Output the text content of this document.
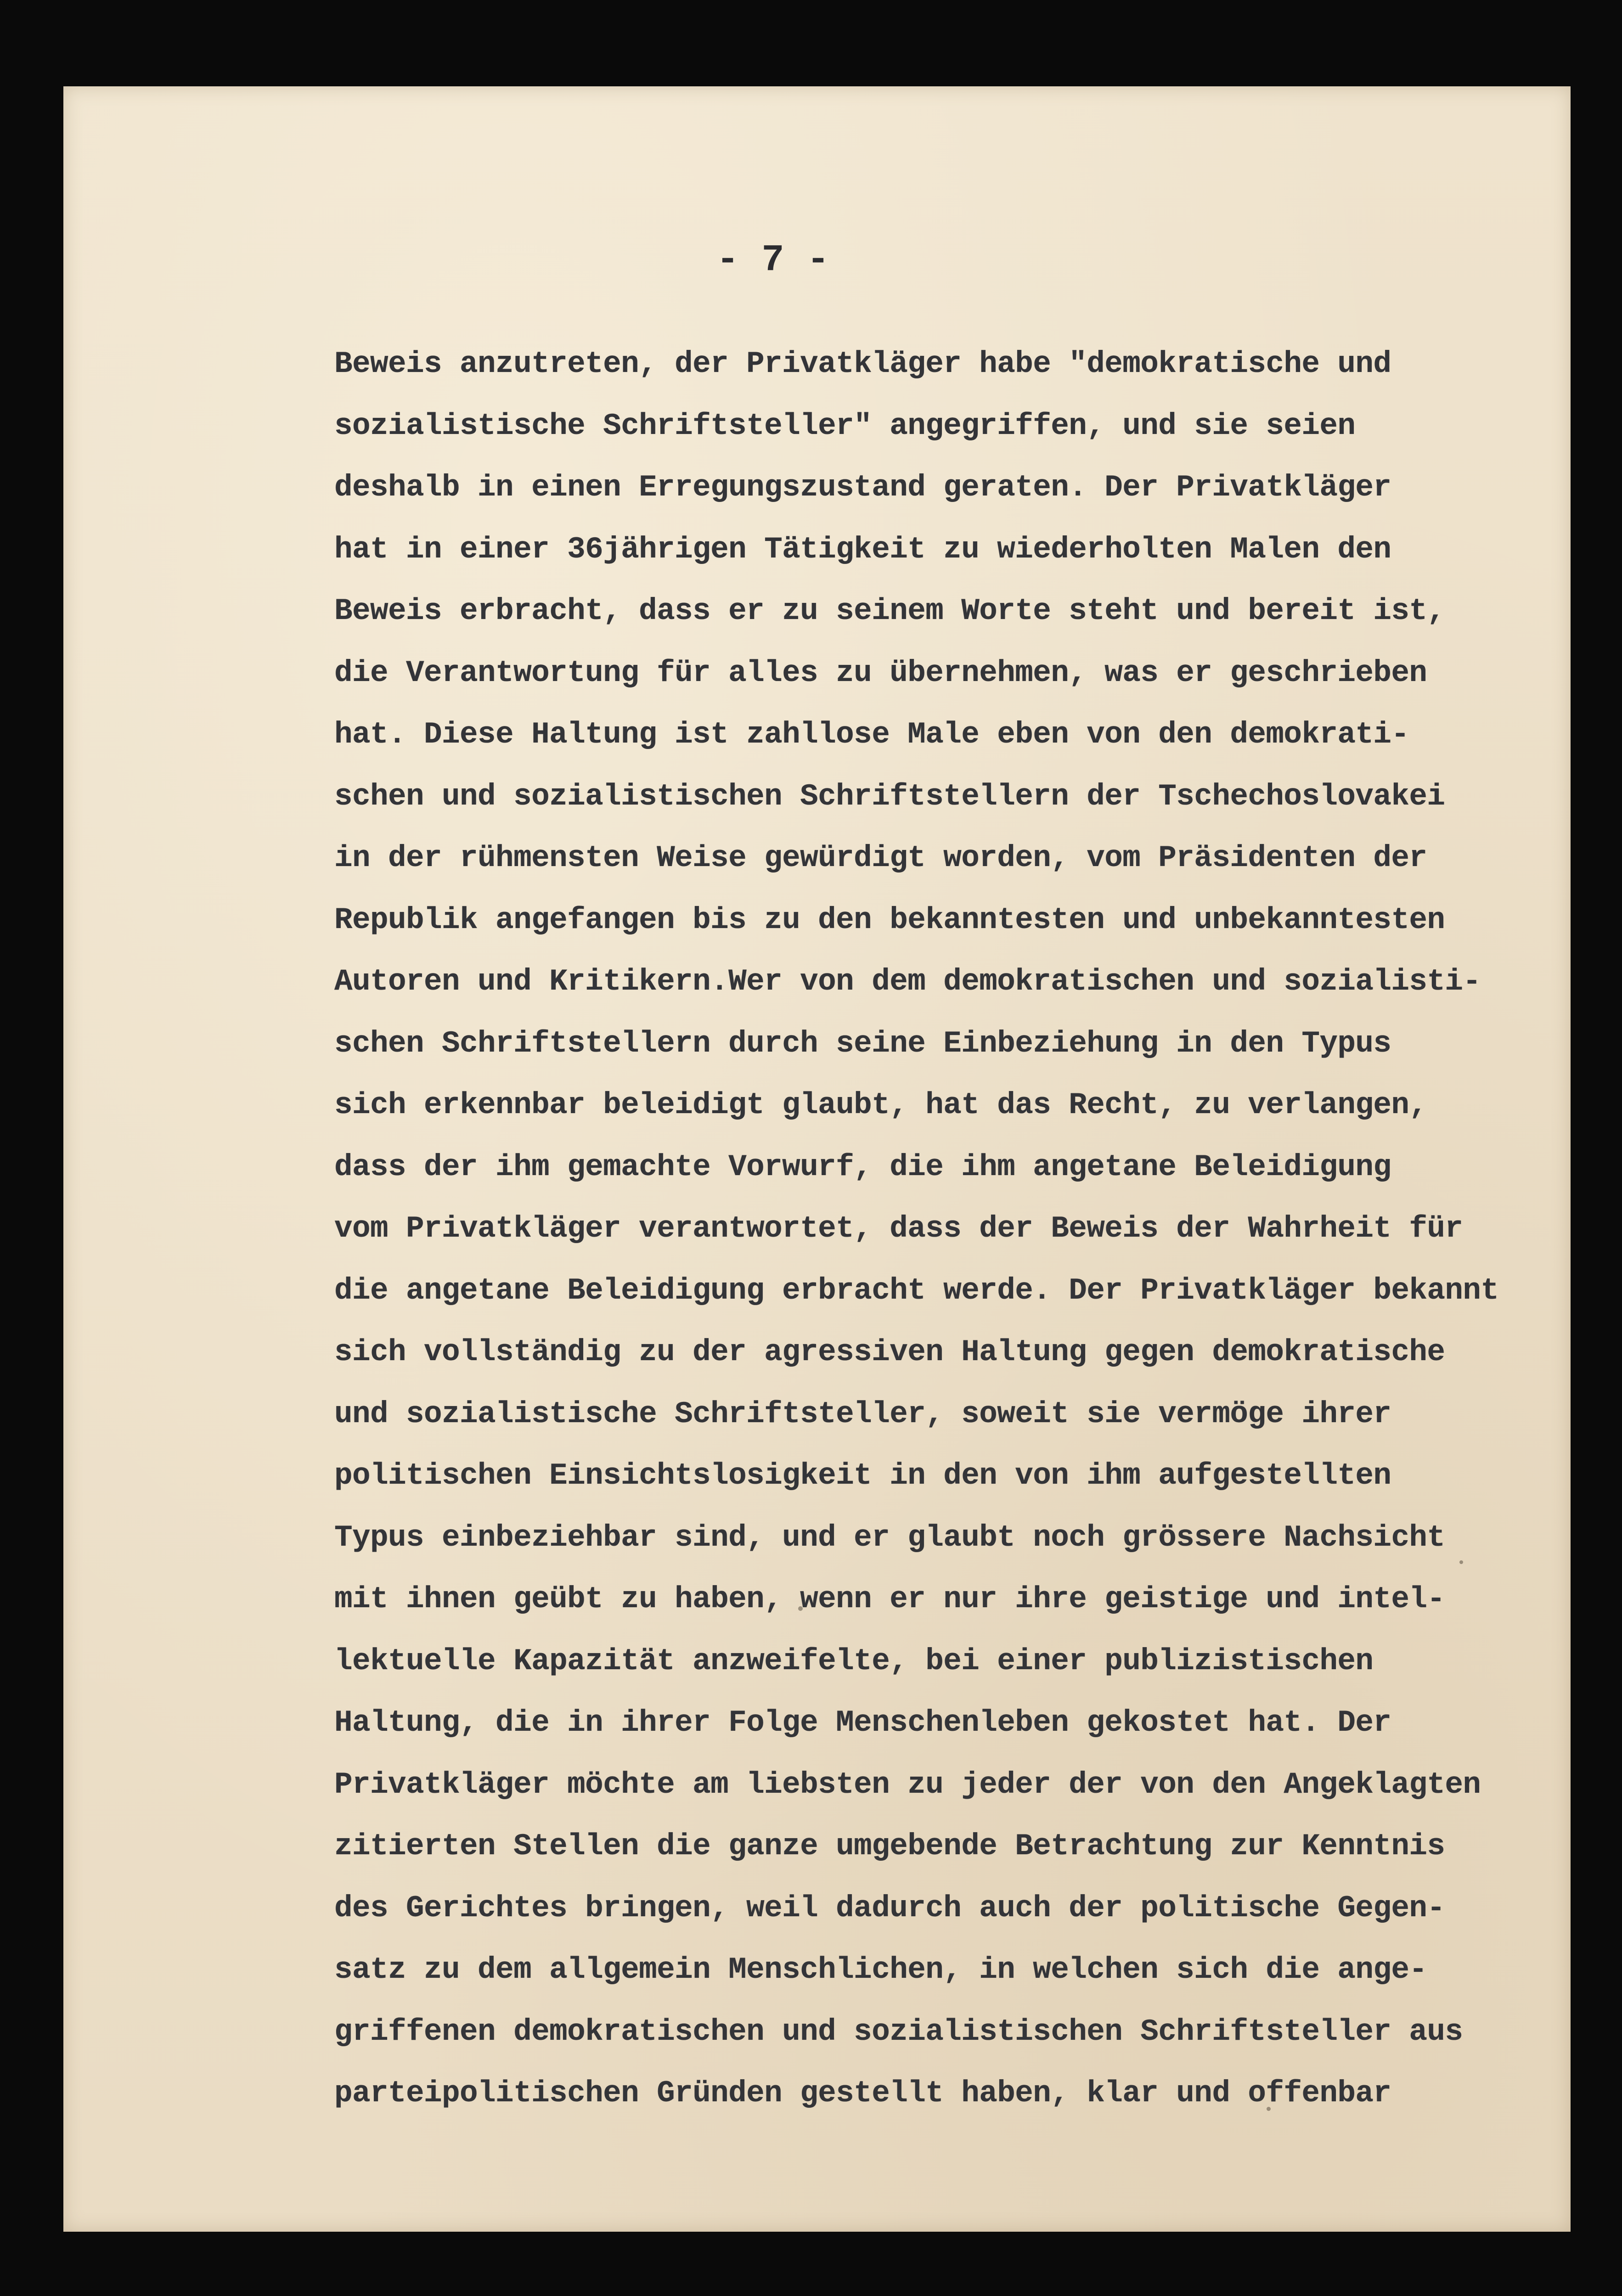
- 7 -
Beweis anzutreten, der Privatkläger habe "demokratische und
sozialistische Schriftsteller" angegriffen, und sie seien
deshalb in einen Erregungszustand geraten. Der Privatkläger
hat in einer 36jährigen Tätigkeit zu wiederholten Malen den
Beweis erbracht, dass er zu seinem Worte steht und bereit ist,
die Verantwortung für alles zu übernehmen, was er geschrieben
hat. Diese Haltung ist zahllose Male eben von den demokrati-
schen und sozialistischen Schriftstellern der Tschechoslovakei
in der rühmensten Weise gewürdigt worden, vom Präsidenten der
Republik angefangen bis zu den bekanntesten und unbekanntesten
Autoren und Kritikern.Wer von dem demokratischen und sozialisti-
schen Schriftstellern durch seine Einbeziehung in den Typus
sich erkennbar beleidigt glaubt, hat das Recht, zu verlangen,
dass der ihm gemachte Vorwurf, die ihm angetane Beleidigung
vom Privatkläger verantwortet, dass der Beweis der Wahrheit für
die angetane Beleidigung erbracht werde. Der Privatkläger bekannt
sich vollständig zu der agressiven Haltung gegen demokratische
und sozialistische Schriftsteller, soweit sie vermöge ihrer
politischen Einsichtslosigkeit in den von ihm aufgestellten
Typus einbeziehbar sind, und er glaubt noch grössere Nachsicht
mit ihnen geübt zu haben, wenn er nur ihre geistige und intel-
lektuelle Kapazität anzweifelte, bei einer publizistischen
Haltung, die in ihrer Folge Menschenleben gekostet hat. Der
Privatkläger möchte am liebsten zu jeder der von den Angeklagten
zitierten Stellen die ganze umgebende Betrachtung zur Kenntnis
des Gerichtes bringen, weil dadurch auch der politische Gegen-
satz zu dem allgemein Menschlichen, in welchen sich die ange-
griffenen demokratischen und sozialistischen Schriftsteller aus
parteipolitischen Gründen gestellt haben, klar und offenbar
